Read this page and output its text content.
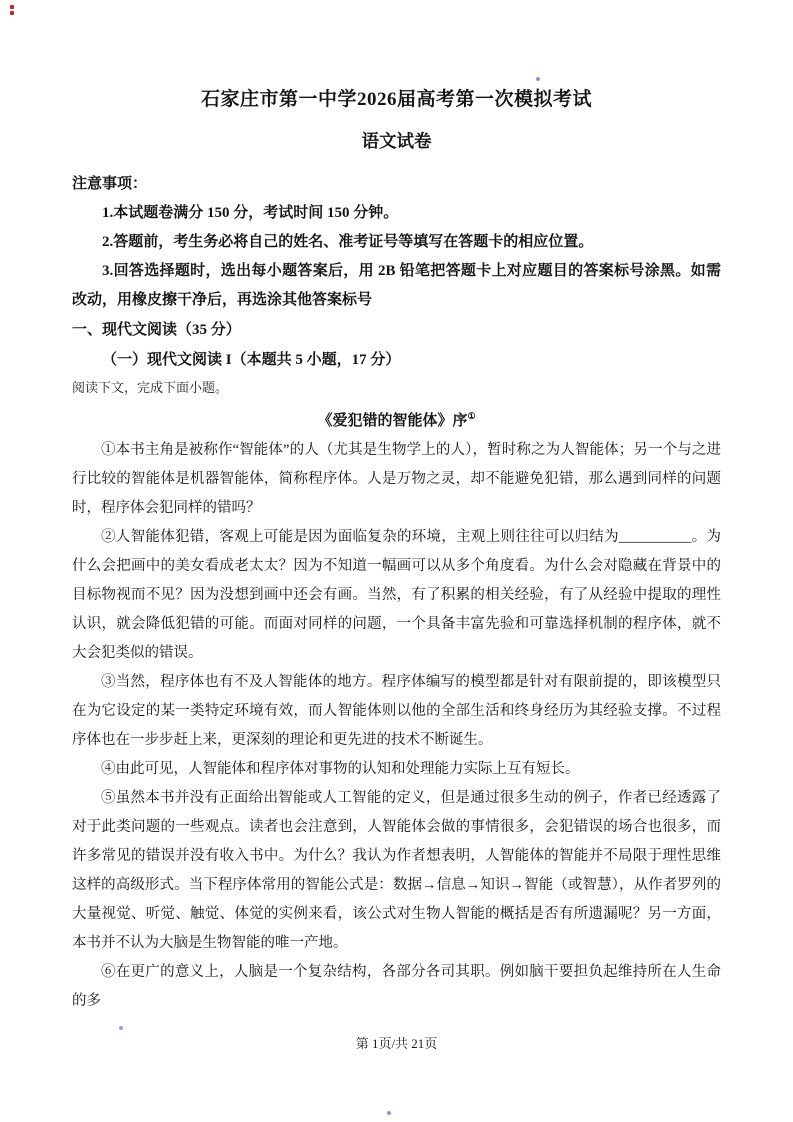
石家庄市第一中学2026届高考第一次模拟考试
语文试卷

注意事项：

1.本试题卷满分 150 分，考试时间 150 分钟。

2.答题前，考生务必将自己的姓名、准考证号等填写在答题卡的相应位置。

3.回答选择题时，选出每小题答案后，用 2B 铅笔把答题卡上对应题目的答案标号涂黑。如需改动，用橡皮擦干净后，再选涂其他答案标号

一、现代文阅读（35 分）

（一）现代文阅读 I（本题共 5 小题，17 分）

阅读下文，完成下面小题。

《爱犯错的智能体》序①

①本书主角是被称作“智能体”的人（尤其是生物学上的人），暂时称之为人智能体；另一个与之进行比较的智能体是机器智能体，简称程序体。人是万物之灵，却不能避免犯错，那么遇到同样的问题时，程序体会犯同样的错吗？

②人智能体犯错，客观上可能是因为面临复杂的环境，主观上则往往可以归结为__________。为什么会把画中的美女看成老太太？因为不知道一幅画可以从多个角度看。为什么会对隐藏在背景中的目标物视而不见？因为没想到画中还会有画。当然，有了积累的相关经验，有了从经验中提取的理性认识，就会降低犯错的可能。而面对同样的问题，一个具备丰富先验和可靠选择机制的程序体，就不大会犯类似的错误。

③当然，程序体也有不及人智能体的地方。程序体编写的模型都是针对有限前提的，即该模型只在为它设定的某一类特定环境有效，而人智能体则以他的全部生活和终身经历为其经验支撑。不过程序体也在一步步赶上来，更深刻的理论和更先进的技术不断诞生。

④由此可见，人智能体和程序体对事物的认知和处理能力实际上互有短长。

⑤虽然本书并没有正面给出智能或人工智能的定义，但是通过很多生动的例子，作者已经透露了对于此类问题的一些观点。读者也会注意到，人智能体会做的事情很多，会犯错误的场合也很多，而许多常见的错误并没有收入书中。为什么？我认为作者想表明，人智能体的智能并不局限于理性思维这样的高级形式。当下程序体常用的智能公式是：数据→信息→知识→智能（或智慧），从作者罗列的大量视觉、听觉、触觉、体觉的实例来看，该公式对生物人智能的概括是否有所遗漏呢？另一方面，本书并不认为大脑是生物智能的唯一产地。

⑥在更广的意义上，人脑是一个复杂结构，各部分各司其职。例如脑干要担负起维持所在人生命的多

第 1页/共 21页
